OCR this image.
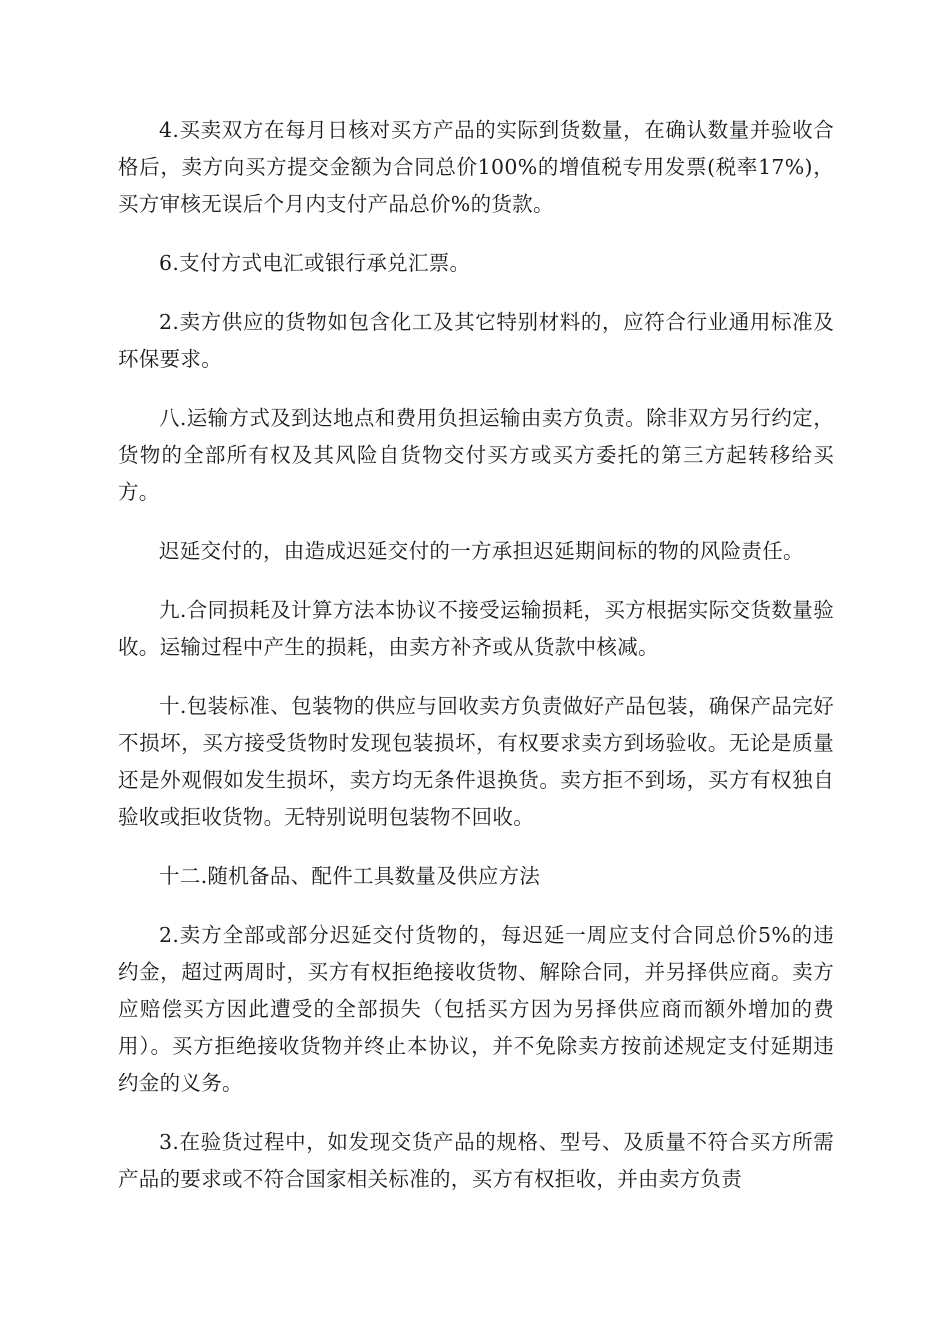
4.买卖双方在每月日核对买方产品的实际到货数量，在确认数量并验收合格后，卖方向买方提交金额为合同总价100%的增值税专用发票(税率17%)，买方审核无误后个月内支付产品总价%的货款。

6.支付方式电汇或银行承兑汇票。

2.卖方供应的货物如包含化工及其它特别材料的，应符合行业通用标准及环保要求。

八.运输方式及到达地点和费用负担运输由卖方负责。除非双方另行约定，货物的全部所有权及其风险自货物交付买方或买方委托的第三方起转移给买方。

迟延交付的，由造成迟延交付的一方承担迟延期间标的物的风险责任。

九.合同损耗及计算方法本协议不接受运输损耗，买方根据实际交货数量验收。运输过程中产生的损耗，由卖方补齐或从货款中核减。

十.包装标准、包装物的供应与回收卖方负责做好产品包装，确保产品完好不损坏，买方接受货物时发现包装损坏，有权要求卖方到场验收。无论是质量还是外观假如发生损坏，卖方均无条件退换货。卖方拒不到场，买方有权独自验收或拒收货物。无特别说明包装物不回收。

十二.随机备品、配件工具数量及供应方法

2.卖方全部或部分迟延交付货物的，每迟延一周应支付合同总价5%的违约金，超过两周时，买方有权拒绝接收货物、解除合同，并另择供应商。卖方应赔偿买方因此遭受的全部损失（包括买方因为另择供应商而额外增加的费用）。买方拒绝接收货物并终止本协议，并不免除卖方按前述规定支付延期违约金的义务。

3.在验货过程中，如发现交货产品的规格、型号、及质量不符合买方所需产品的要求或不符合国家相关标准的，买方有权拒收，并由卖方负责
